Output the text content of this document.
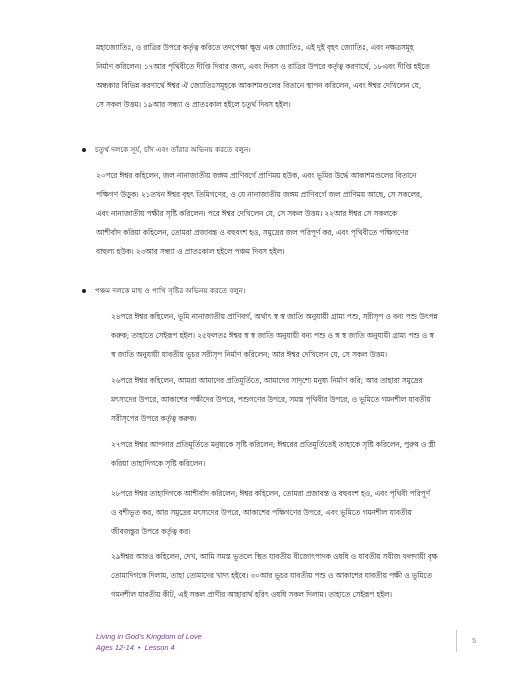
মহাজ্যোতিঃ, ও রাত্রির উপরে কর্তৃত্ব করিতে তদপেক্ষা ক্ষুদ্র এক জ্যোতিঃ, এই দুই বৃহৎ জ্যোতিঃ, এবং নক্ষত্রসমূহ
নির্মাণ করিলেন। ১৭আর পৃথিবীতে দীপ্তি দিবার জন্য, এবং দিবস ও রাত্রির উপরে কর্তৃত্ব করণার্থে, ১৮এবং দীপ্তি হইতে
অন্ধকার বিভিন্ন করণার্থে ঈশ্বর ঐ জ্যোতিঃসমূহকে আকাশমণ্ডলের বিতানে স্থাপন করিলেন, এবং ঈশ্বর দেখিলেন যে,
সে সকল উত্তম। ১৯আর সন্ধ্যা ও প্রাতঃকাল হইলে চতুর্থ দিবস হইল।
চতুর্থ দলকে সূর্য, চাঁদ এবং তাঁরার অভিনয় করতে বলুন।
২০পরে ঈশ্বর কহিলেন, জল নানাজাতীয় জঙ্গম প্রাণিবর্গে প্রাণিময় হউক, এবং ভূমির উর্দ্ধে আকাশমণ্ডলের বিতানে
পক্ষিগণ উড়ুক। ২১তখন ঈশ্বর বৃহৎ তিমিগণের, ও যে নানাজাতীয় জঙ্গম প্রাণিবর্গে জল প্রাণিময় আছে, সে সকলের,
এবং নানাজাতীয় পক্ষীর সৃষ্টি করিলেন। পরে ঈশ্বর দেখিলেন যে, সে সকল উত্তম। ২২আর ঈশ্বর সে সকলকে
আশীর্বাদ করিয়া কহিলেন, তোমরা প্রজাবন্ত ও বহুবংশ হও, সমুদ্রের জল পরিপূর্ণ কর, এবং পৃথিবীতে পক্ষিগণের
বাহুল্য হউক। ২৩আর সন্ধ্যা ও প্রাতঃকাল হইলে পঞ্চম দিবস হইল।
পঞ্চম দলকে মাছ ও পাখি সৃষ্টির অভিনয় করতে বলুন।
২৪পরে ঈশ্বর কহিলেন, ভূমি নানাজাতীয় প্রাণিবর্গ, অর্থাৎ স্ব স্ব জাতি অনুযায়ী গ্রাম্য পশু, সরীসৃপ ও বন্য পশু উৎপন্ন
করুক; তাহাতে সেইরূপ হইল। ২৫ফলতঃ ঈশ্বর স্ব স্ব জাতি অনুযায়ী বন্য পশু ও স্ব স্ব জাতি অনুযায়ী গ্রাম্য পশু ও স্ব
স্ব জাতি অনুযায়ী যাবতীয় ভূচর সরীসৃপ নির্মাণ করিলেন; আর ঈশ্বর দেখিলেন যে, সে সকল উত্তম।
২৬পরে ঈশ্বর কহিলেন, আমরা আমাদের প্রতিমূর্তিতে, আমাদের সাদৃশ্যে মনুষ্য নির্মাণ করি; আর তাহারা সমুদ্রের
মৎস্যদের উপরে, আকাশের পক্ষীদের উপরে, পশুগণের উপরে, সমস্ত পৃথিবীর উপরে, ও ভূমিতে গমনশীল যাবতীয়
সরীসৃপের উপরে কর্তৃত্ব করুক।
২৭পরে ঈশ্বর আপনার প্রতিমূর্তিতে মনুষ্যকে সৃষ্টি করিলেন; ঈশ্বরের প্রতিমূর্তিতেই তাহাকে সৃষ্টি করিলেন, পুরুষ ও স্ত্রী
করিয়া তাহাদিগকে সৃষ্টি করিলেন।
২৮পরে ঈশ্বর তাহাদিগকে আশীর্বাদ করিলেন; ঈশ্বর কহিলেন, তোমরা প্রজাবন্ত ও বহুবংশ হও, এবং পৃথিবী পরিপূর্ণ
ও বশীভূত কর, আর সমুদ্রের মৎস্যদের উপরে, আকাশের পক্ষিগণের উপরে, এবং ভূমিতে গমনশীল যাবতীয়
জীবজন্তুর উপরে কর্তৃত্ব কর।
২৯ঈশ্বর আরও কহিলেন, দেখ, আমি সমস্ত ভূতলে স্থিত যাবতীয় বীজোৎপাদক ওষধি ও যাবতীয় সবীজ ফলদায়ী বৃক্ষ
তোমাদিগকে দিলাম, তাহা তোমাদের খাদ্য হইবে। ৩০আর ভূচর যাবতীয় পশু ও আকাশের যাবতীয় পক্ষী ও ভূমিতে
গমনশীল যাবতীয় কীট, এই সকল প্রাণীর আহারার্থ হরিৎ ওষধি সকল দিলাম। তাহাতে সেইরূপ হইল।
Living in God's Kingdom of Love
Ages 12-14  •  Lesson 4
5
